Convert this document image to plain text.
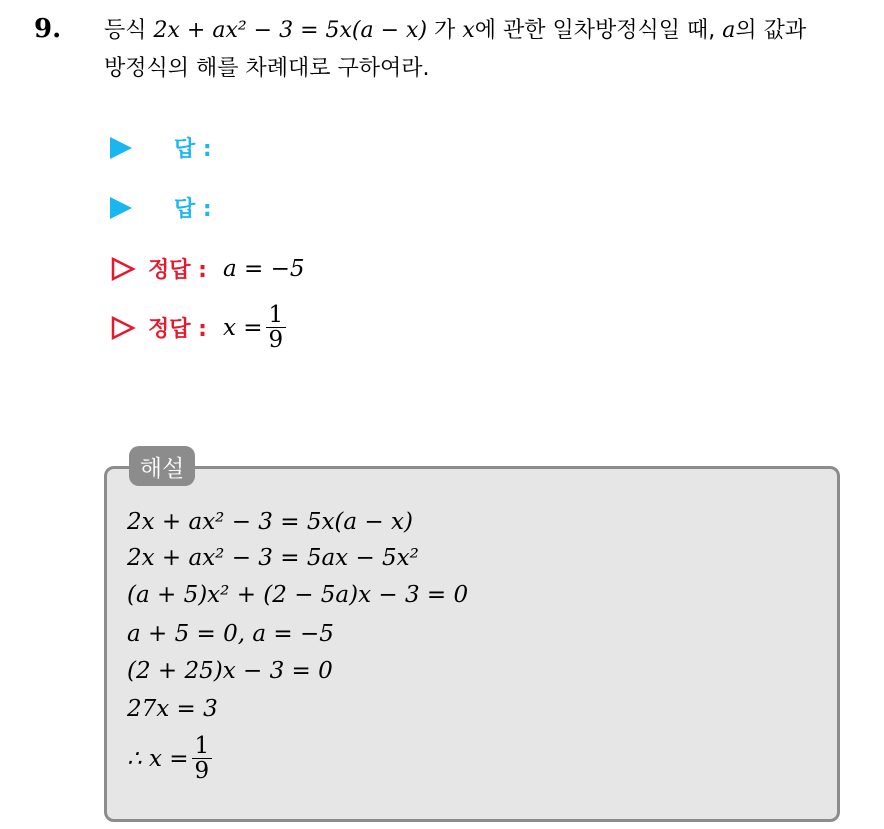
9. 등식 2x + ax² − 3 = 5x(a − x) 가 x에 관한 일차방정식일 때, a의 값과
방정식의 해를 차례대로 구하여라.
답 :
답 :
정답 : a = −5
정답 : $x = \frac{1}{9}$
해설
2x + ax² − 3 = 5x(a − x)
2x + ax² − 3 = 5ax − 5x²
(a + 5)x² + (2 − 5a)x − 3 = 0
a + 5 = 0, a = −5
(2 + 25)x − 3 = 0
27x = 3
∴ $x = \frac{1}{9}$
